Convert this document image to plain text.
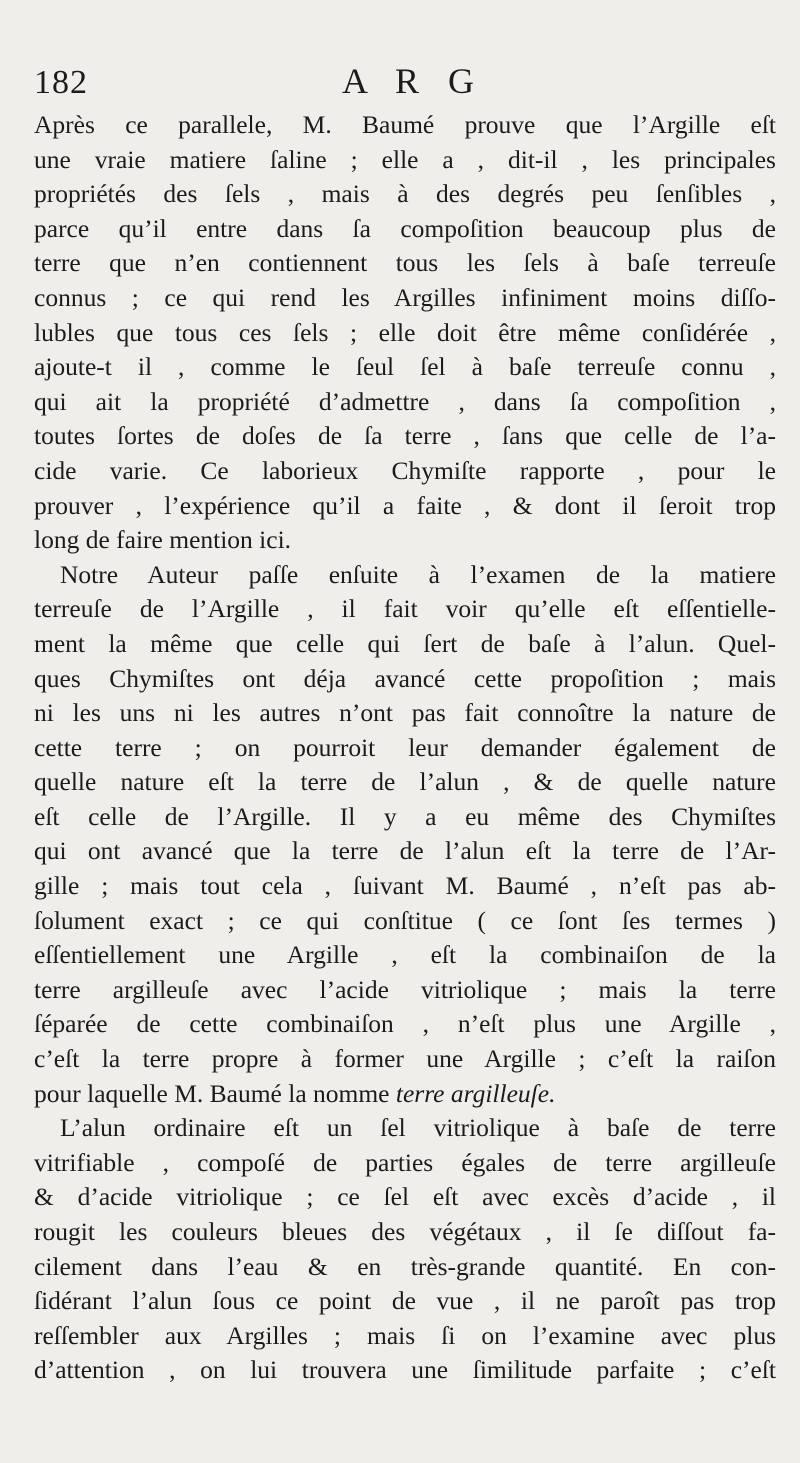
182	A R G
Après ce parallele, M. Baumé prouve que l’Argille eſt
une vraie matiere ſaline ; elle a , dit-il , les principales
propriétés des ſels , mais à des degrés peu ſenſibles ,
parce qu’il entre dans ſa compoſition beaucoup plus de
terre que n’en contiennent tous les ſels à baſe terreuſe
connus ; ce qui rend les Argilles infiniment moins diſſo-
lubles que tous ces ſels ; elle doit être même conſidérée ,
ajoute-t il , comme le ſeul ſel à baſe terreuſe connu ,
qui ait la propriété d’admettre , dans ſa compoſition ,
toutes ſortes de doſes de ſa terre , ſans que celle de l’a-
cide varie. Ce laborieux Chymiſte rapporte , pour le
prouver , l’expérience qu’il a faite , & dont il ſeroit trop
long de faire mention ici.
Notre Auteur paſſe enſuite à l’examen de la matiere
terreuſe de l’Argille , il fait voir qu’elle eſt eſſentielle-
ment la même que celle qui ſert de baſe à l’alun. Quel-
ques Chymiſtes ont déja avancé cette propoſition ; mais
ni les uns ni les autres n’ont pas fait connoître la nature de
cette terre ; on pourroit leur demander également de
quelle nature eſt la terre de l’alun , & de quelle nature
eſt celle de l’Argille. Il y a eu même des Chymiſtes
qui ont avancé que la terre de l’alun eſt la terre de l’Ar-
gille ; mais tout cela , ſuivant M. Baumé , n’eſt pas ab-
ſolument exact ; ce qui conſtitue ( ce ſont ſes termes )
eſſentiellement une Argille , eſt la combinaiſon de la
terre argilleuſe avec l’acide vitriolique ; mais la terre
ſéparée de cette combinaiſon , n’eſt plus une Argille ,
c’eſt la terre propre à former une Argille ; c’eſt la raiſon
pour laquelle M. Baumé la nomme terre argilleuſe.
L’alun ordinaire eſt un ſel vitriolique à baſe de terre
vitrifiable , compoſé de parties égales de terre argilleuſe
& d’acide vitriolique ; ce ſel eſt avec excès d’acide , il
rougit les couleurs bleues des végétaux , il ſe diſſout fa-
cilement dans l’eau & en très-grande quantité. En con-
ſidérant l’alun ſous ce point de vue , il ne paroît pas trop
reſſembler aux Argilles ; mais ſi on l’examine avec plus
d’attention , on lui trouvera une ſimilitude parfaite ; c’eſt
